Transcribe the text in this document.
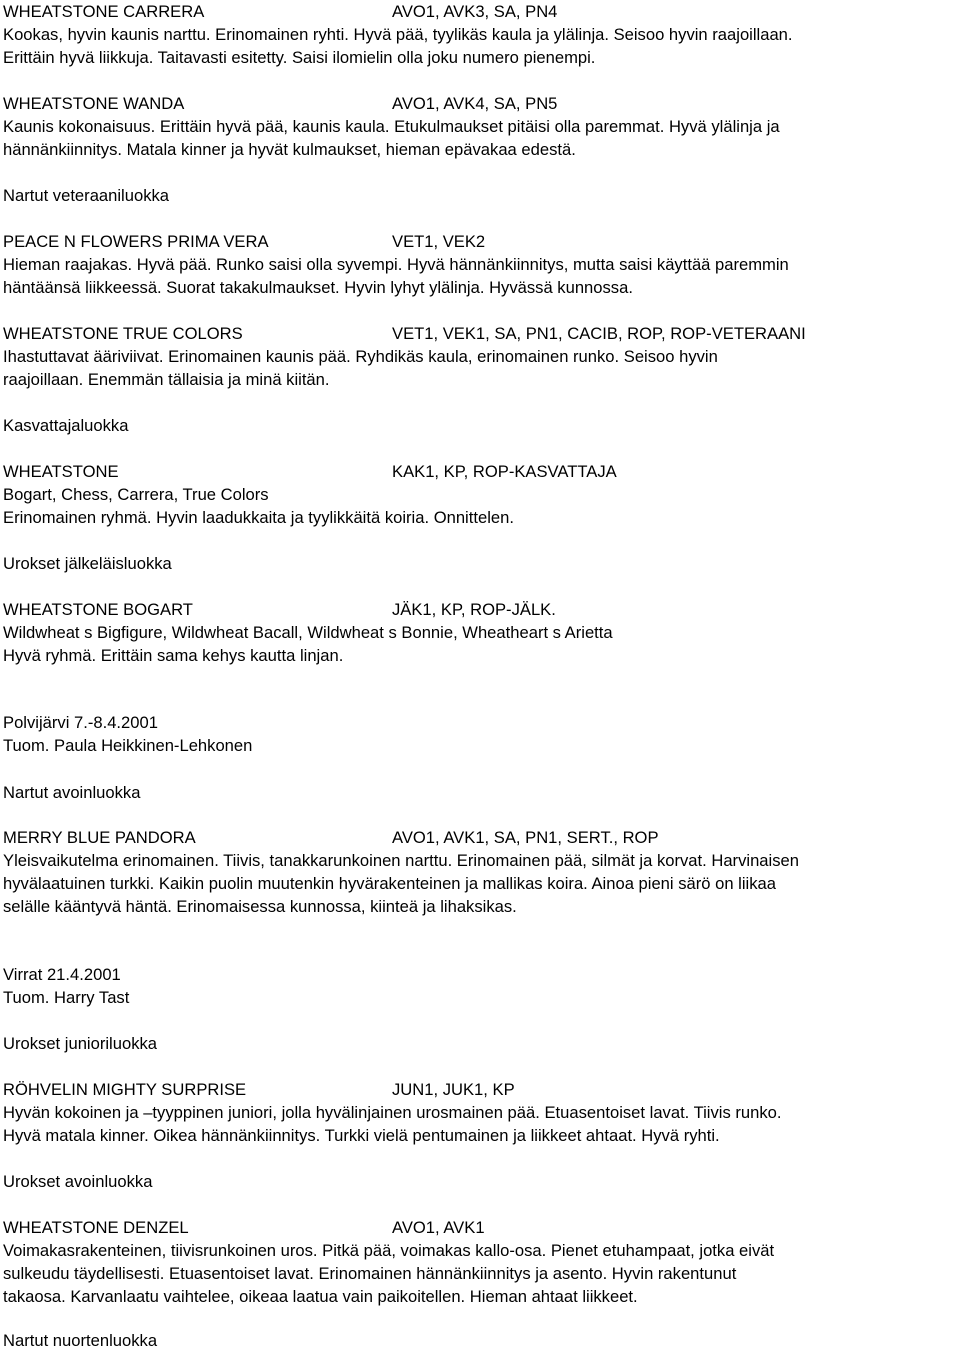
WHEATSTONE CARRERA	AVO1, AVK3, SA, PN4
Kookas, hyvin kaunis narttu. Erinomainen ryhti. Hyvä pää, tyylikäs kaula ja ylälinja. Seisoo hyvin raajoillaan.
Erittäin hyvä liikkuja. Taitavasti esitetty. Saisi ilomielin olla joku numero pienempi.
WHEATSTONE WANDA	AVO1, AVK4, SA, PN5
Kaunis kokonaisuus. Erittäin hyvä pää, kaunis kaula. Etukulmaukset pitäisi olla paremmat. Hyvä ylälinja ja
hännänkiinnitys. Matala kinner ja hyvät kulmaukset, hieman epävakaa edestä.
Nartut veteraaniluokka
PEACE N FLOWERS PRIMA VERA	VET1, VEK2
Hieman raajakas. Hyvä pää. Runko saisi olla syvempi. Hyvä hännänkiinnitys, mutta saisi käyttää paremmin
häntäänsä liikkeessä. Suorat takakulmaukset. Hyvin lyhyt ylälinja. Hyvässä kunnossa.
WHEATSTONE TRUE COLORS	VET1, VEK1, SA, PN1, CACIB, ROP, ROP-VETERAANI
Ihastuttavat ääriviivat. Erinomainen kaunis pää. Ryhdikäs kaula, erinomainen runko. Seisoo hyvin
raajoillaan. Enemmän tällaisia ja minä kiitän.
Kasvattajaluokka
WHEATSTONE	KAK1, KP, ROP-KASVATTAJA
Bogart, Chess, Carrera, True Colors
Erinomainen ryhmä. Hyvin laadukkaita ja tyylikkäitä koiria. Onnittelen.
Urokset jälkeläisluokka
WHEATSTONE BOGART	JÄK1, KP, ROP-JÄLK.
Wildwheat s Bigfigure, Wildwheat Bacall, Wildwheat s Bonnie, Wheatheart s Arietta
Hyvä ryhmä. Erittäin sama kehys kautta linjan.
Polvijärvi 7.-8.4.2001
Tuom. Paula Heikkinen-Lehkonen
Nartut avoinluokka
MERRY BLUE PANDORA	AVO1, AVK1, SA, PN1, SERT., ROP
Yleisvaikutelma erinomainen. Tiivis, tanakkarunkoinen narttu. Erinomainen pää, silmät ja korvat. Harvinaisen
hyvälaatuinen turkki. Kaikin puolin muutenkin hyvärakenteinen ja mallikas koira. Ainoa pieni särö on liikaa
selälle kääntyvä häntä. Erinomaisessa kunnossa, kiinteä ja lihaksikas.
Virrat 21.4.2001
Tuom. Harry Tast
Urokset junioriluokka
RÖHVELIN MIGHTY SURPRISE	JUN1, JUK1, KP
Hyvän kokoinen ja –tyyppinen juniori, jolla hyvälinjainen urosmainen pää. Etuasentoiset lavat. Tiivis runko.
Hyvä matala kinner. Oikea hännänkiinnitys. Turkki vielä pentumainen ja liikkeet ahtaat. Hyvä ryhti.
Urokset avoinluokka
WHEATSTONE DENZEL	AVO1, AVK1
Voimakasrakenteinen, tiivisrunkoinen uros. Pitkä pää, voimakas kallo-osa. Pienet etuhampaat, jotka eivät
sulkeudu täydellisesti. Etuasentoiset lavat. Erinomainen hännänkiinnitys ja asento. Hyvin rakentunut
takaosa. Karvanlaatu vaihtelee, oikeaa laatua vain paikoitellen. Hieman ahtaat liikkeet.
Nartut nuortenluokka
